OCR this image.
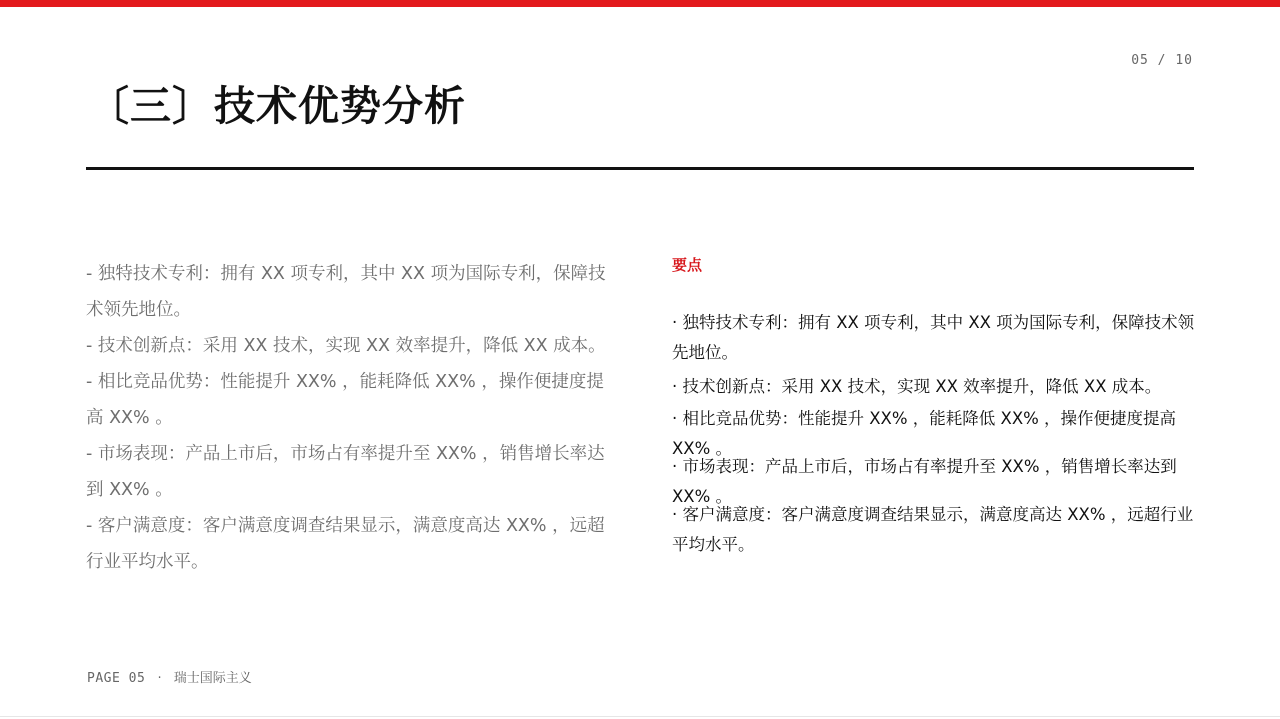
05 / 10
〔三〕技术优势分析
- 独特技术专利：拥有 XX 项专利，其中 XX 项为国际专利，保障技术领先地位。
- 技术创新点：采用 XX 技术，实现 XX 效率提升，降低 XX 成本。
- 相比竞品优势：性能提升 XX% ，能耗降低 XX% ，操作便捷度提高 XX% 。
- 市场表现：产品上市后，市场占有率提升至 XX% ，销售增长率达到 XX% 。
- 客户满意度：客户满意度调查结果显示，满意度高达 XX% ，远超行业平均水平。

要点

· 独特技术专利：拥有 XX 项专利，其中 XX 项为国际专利，保障技术领先地位。
· 技术创新点：采用 XX 技术，实现 XX 效率提升，降低 XX 成本。
· 相比竞品优势：性能提升 XX% ，能耗降低 XX% ，操作便捷度提高 XX% 。
· 市场表现：产品上市后，市场占有率提升至 XX% ，销售增长率达到 XX% 。
· 客户满意度：客户满意度调查结果显示，满意度高达 XX% ，远超行业平均水平。
PAGE 05 · 瑞士国际主义
